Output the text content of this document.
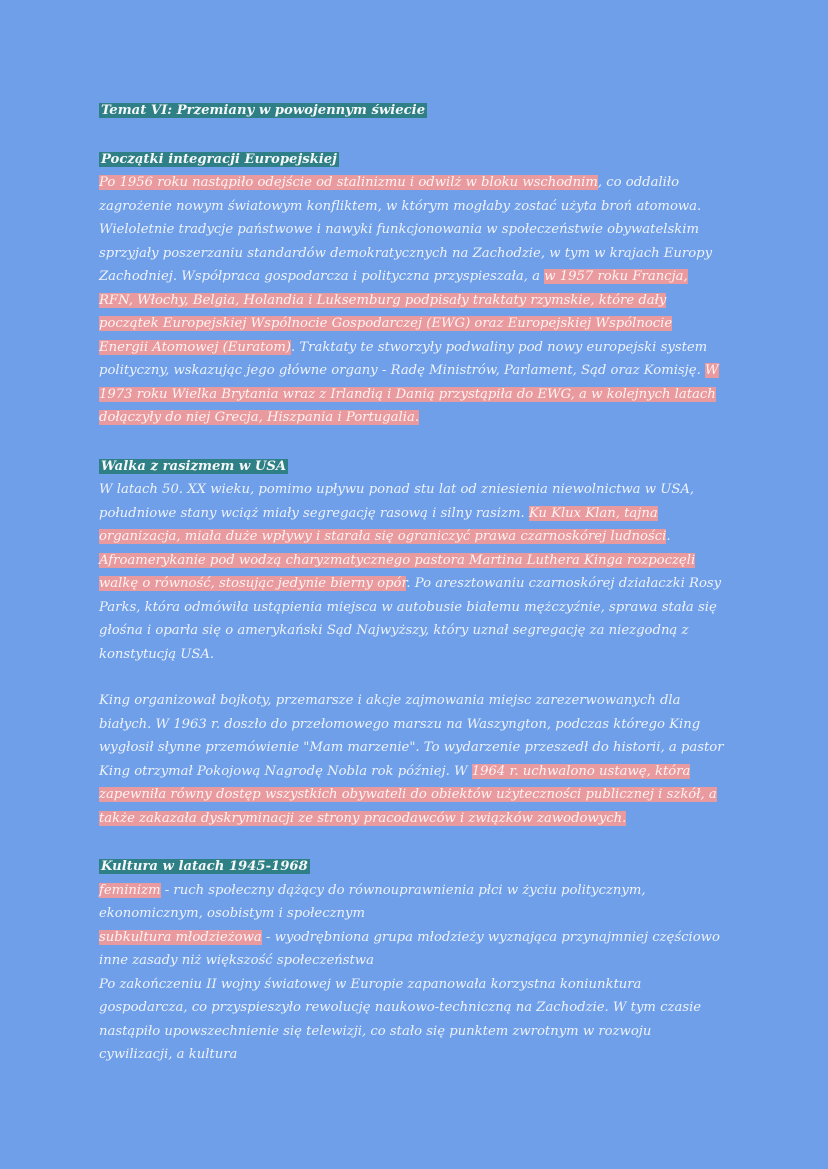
Temat VI: Przemiany w powojennym świecie
Początki integracji Europejskiej

Po 1956 roku nastąpiło odejście od stalinizmu i odwilż w bloku wschodnim, co oddaliło zagrożenie nowym światowym konfliktem, w którym mogłaby zostać użyta broń atomowa. Wieloletnie tradycje państwowe i nawyki funkcjonowania w społeczeństwie obywatelskim sprzyjały poszerzaniu standardów demokratycznych na Zachodzie, w tym w krajach Europy Zachodniej. Współpraca gospodarcza i polityczna przyspieszała, a w 1957 roku Francja, RFN, Włochy, Belgia, Holandia i Luksemburg podpisały traktaty rzymskie, które dały początek Europejskiej Wspólnocie Gospodarczej (EWG) oraz Europejskiej Wspólnocie Energii Atomowej (Euratom). Traktaty te stworzyły podwaliny pod nowy europejski system polityczny, wskazując jego główne organy - Radę Ministrów, Parlament, Sąd oraz Komisję. W 1973 roku Wielka Brytania wraz z Irlandią i Danią przystąpiła do EWG, a w kolejnych latach dołączyły do niej Grecja, Hiszpania i Portugalia.

Walka z rasizmem w USA

W latach 50. XX wieku, pomimo upływu ponad stu lat od zniesienia niewolnictwa w USA, południowe stany wciąż miały segregację rasową i silny rasizm. Ku Klux Klan, tajna organizacja, miała duże wpływy i starała się ograniczyć prawa czarnoskórej ludności. Afroamerykanie pod wodzą charyzmatycznego pastora Martina Luthera Kinga rozpoczęli walkę o równość, stosując jedynie bierny opór. Po aresztowaniu czarnoskórej działaczki Rosy Parks, która odmówiła ustąpienia miejsca w autobusie białemu mężczyźnie, sprawa stała się głośna i oparła się o amerykański Sąd Najwyższy, który uznał segregację za niezgodną z konstytucją USA.

King organizował bojkoty, przemarsze i akcje zajmowania miejsc zarezerwowanych dla białych. W 1963 r. doszło do przełomowego marszu na Waszyngton, podczas którego King wygłosił słynne przemówienie "Mam marzenie". To wydarzenie przeszedł do historii, a pastor King otrzymał Pokojową Nagrodę Nobla rok później. W 1964 r. uchwalono ustawę, która zapewniła równy dostęp wszystkich obywateli do obiektów użyteczności publicznej i szkół, a także zakazała dyskryminacji ze strony pracodawców i związków zawodowych.

Kultura w latach 1945-1968

feminizm - ruch społeczny dążący do równouprawnienia płci w życiu politycznym, ekonomicznym, osobistym i społecznym

subkultura młodzieżowa - wyodrębniona grupa młodzieży wyznająca przynajmniej częściowo inne zasady niż większość społeczeństwa

Po zakończeniu II wojny światowej w Europie zapanowała korzystna koniunktura gospodarcza, co przyspieszyło rewolucję naukowo-techniczną na Zachodzie. W tym czasie nastąpiło upowszechnienie się telewizji, co stało się punktem zwrotnym w rozwoju cywilizacji, a kultura
